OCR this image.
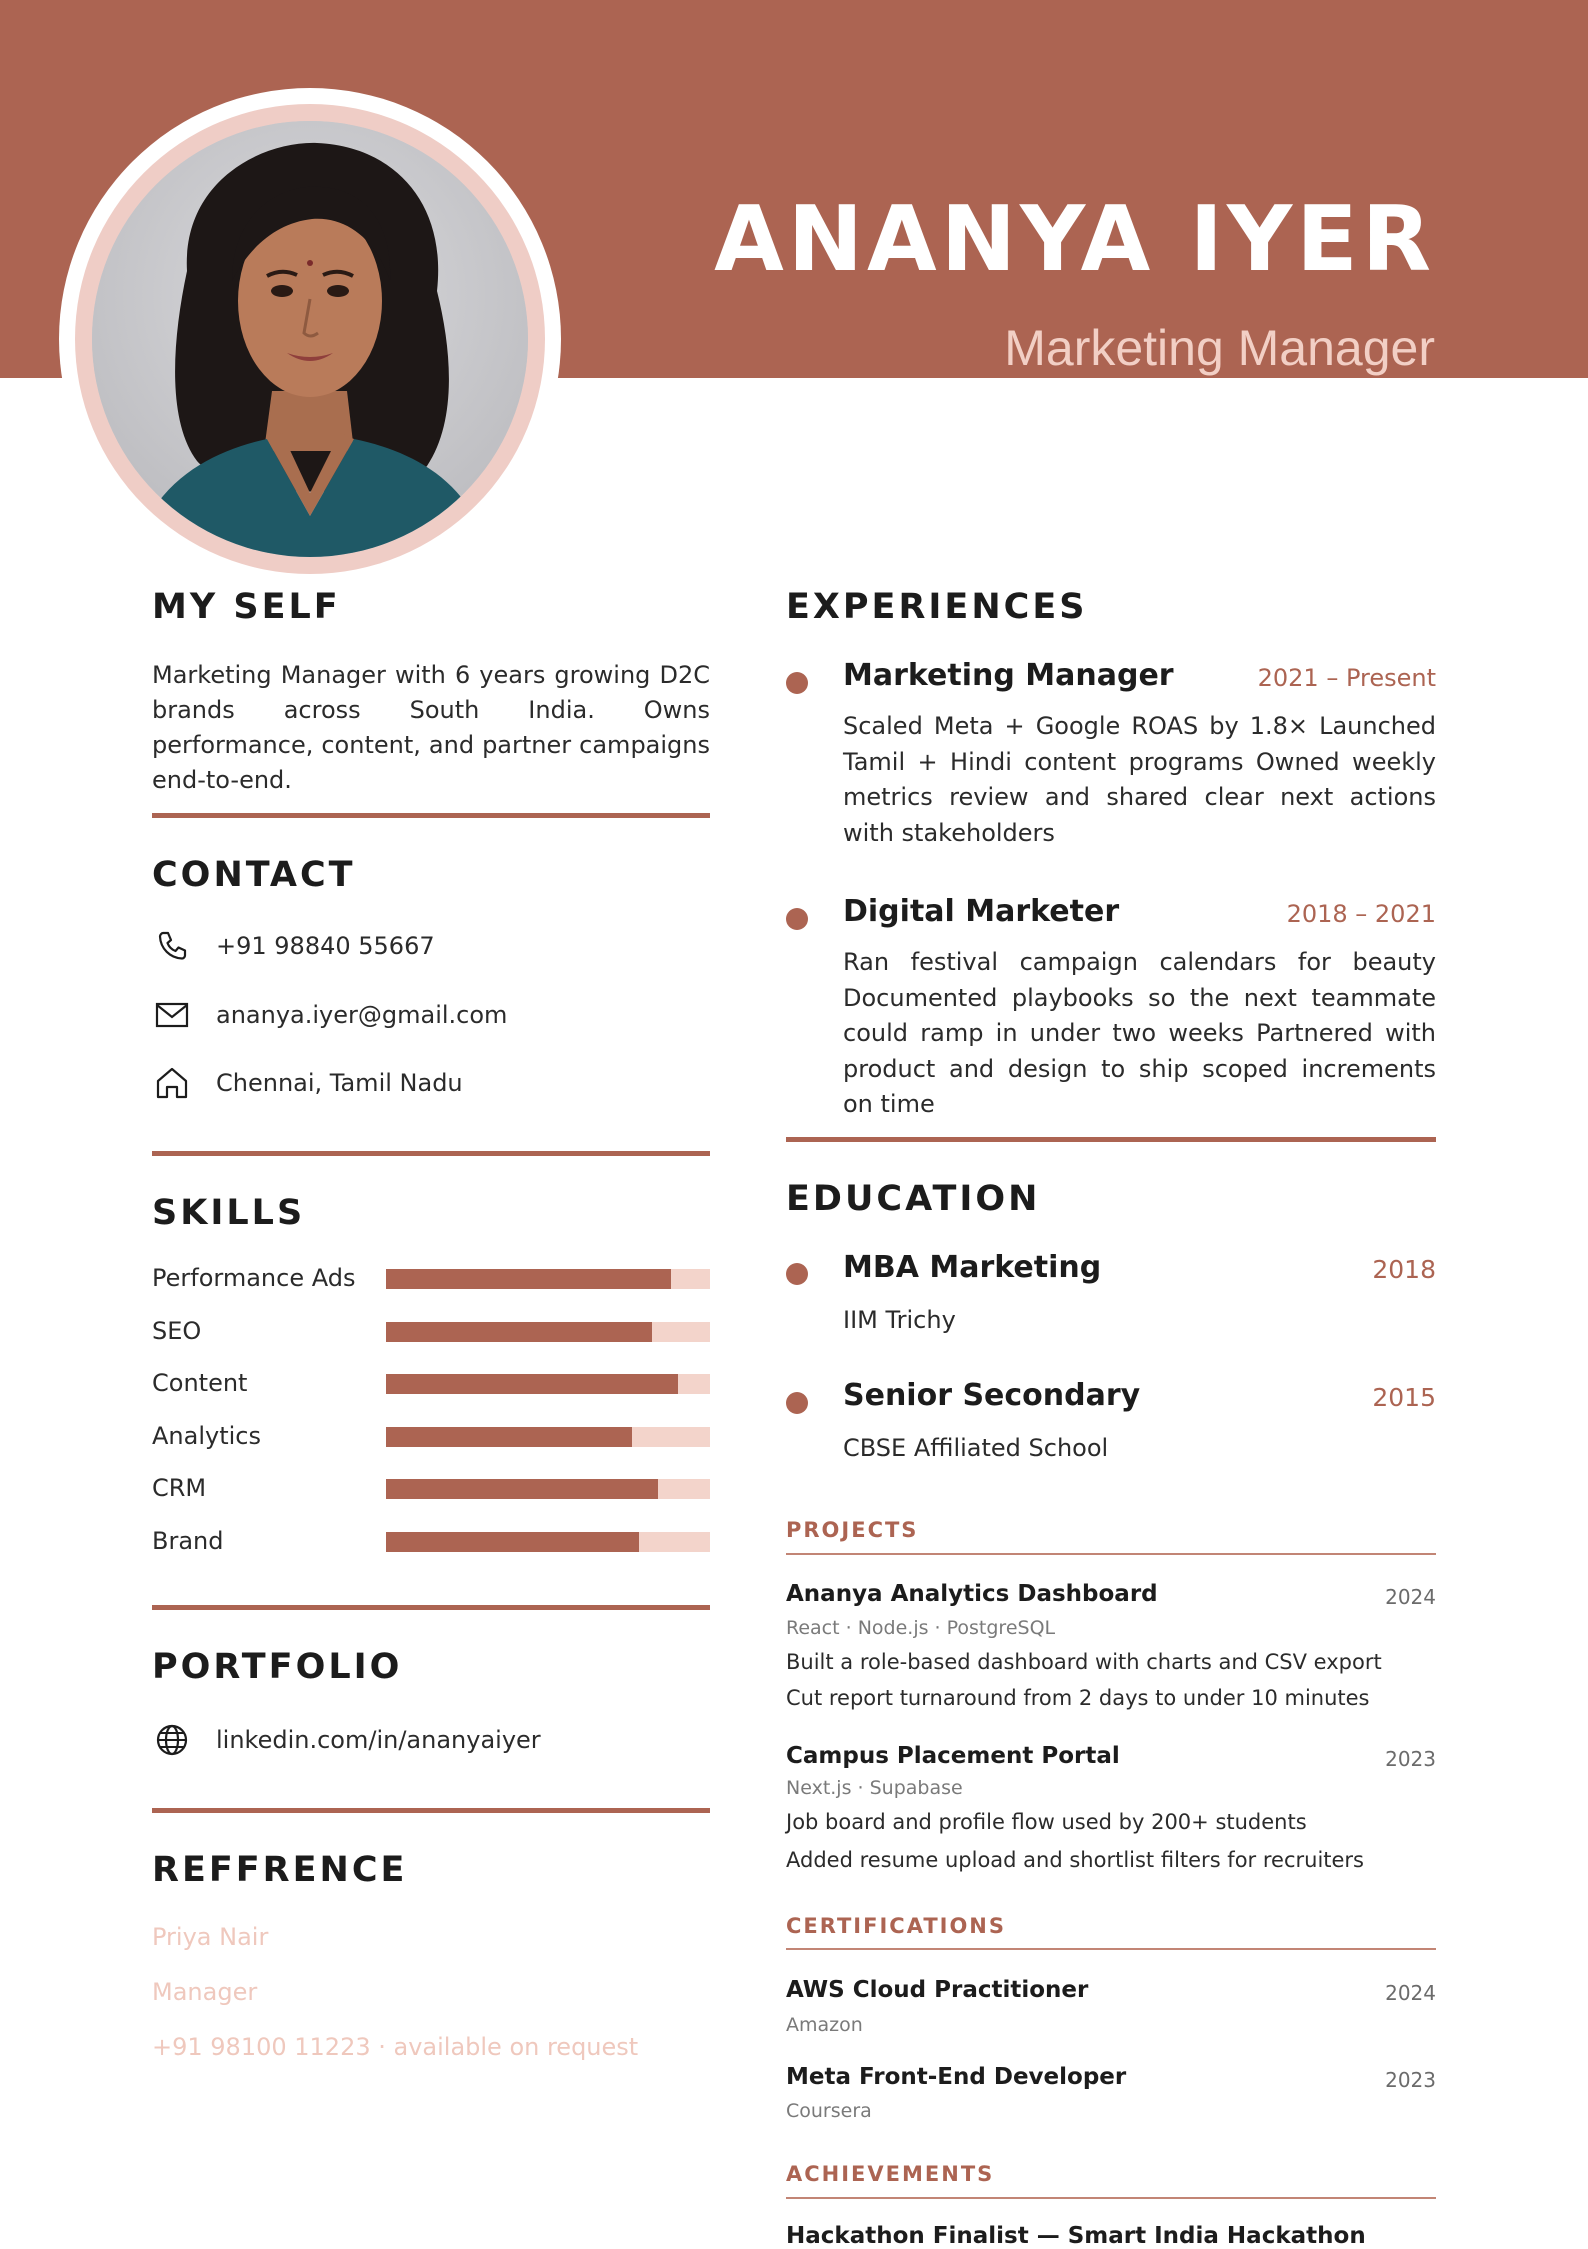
ANANYA IYER

Marketing Manager

MY SELF

Marketing Manager with 6 years growing D2C brands across South India. Owns performance, content, and partner campaigns end-to-end.

CONTACT
+91 98840 55667
ananya.iyer@gmail.com
Chennai, Tamil Nadu
SKILLS
Performance Ads
SEO
Content
Analytics
CRM
Brand
PORTFOLIO
linkedin.com/in/ananyaiyer
REFFRENCE
Priya Nair
Manager
+91 98100 11223 · available on request
EXPERIENCES
Marketing Manager	2021 – Present

Scaled Meta + Google ROAS by 1.8× Launched Tamil + Hindi content programs Owned weekly metrics review and shared clear next actions with stakeholders

Digital Marketer	2018 – 2021

Ran festival campaign calendars for beauty Documented playbooks so the next teammate could ramp in under two weeks Partnered with product and design to ship scoped increments on time

EDUCATION
MBA Marketing	2018
IIM Trichy
Senior Secondary	2015
CBSE Affiliated School
PROJECTS
Ananya Analytics Dashboard	2024
React · Node.js · PostgreSQL
Built a role-based dashboard with charts and CSV export
Cut report turnaround from 2 days to under 10 minutes
Campus Placement Portal	2023
Next.js · Supabase
Job board and profile flow used by 200+ students
Added resume upload and shortlist filters for recruiters
CERTIFICATIONS
AWS Cloud Practitioner	2024
Amazon
Meta Front-End Developer	2023
Coursera
ACHIEVEMENTS
Hackathon Finalist — Smart India Hackathon
